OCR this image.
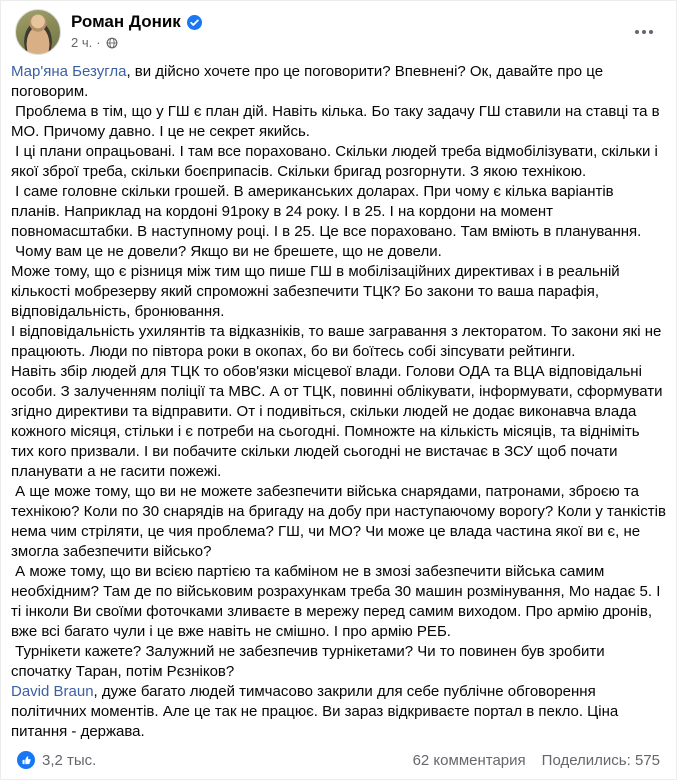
Роман Доник
2 ч. ·
Мар'яна Безугла, ви дійсно хочете про це поговорити? Впевнені? Ок, давайте про це поговорим.
Проблема в тім, що у ГШ є план дій. Навіть кілька. Бо таку задачу ГШ ставили на ставці та в МО. Причому давно. І це не секрет якийсь.
І ці плани опрацьовані. І там все пораховано. Скільки людей треба відмобілізувати, скільки і якої зброї треба, скільки боєприпасів. Скільки бригад розгорнути. З якою технікою.
І саме головне скільки грошей. В американських доларах. При чому є кілька варіантів планів. Наприклад на кордоні 91року в 24 року. І в 25. І на кордони на момент повномасштабки. В наступному році. І в 25. Це все пораховано. Там вміють в планування.
Чому вам це не довели? Якщо ви не брешете, що не довели.
Може тому, що є різниця між тим що пише ГШ в мобілізаційних директивах і в реальній кількості мобрезерву який спроможні забезпечити ТЦК? Бо закони то ваша парафія, відповідальність, бронювання.
І відповідальність ухилянтів та відказніків, то ваше загравання з лекторатом. То закони які не працюють. Люди по півтора роки в окопах, бо ви боїтесь собі зіпсувати рейтинги.
Навіть збір людей для ТЦК то обов'язки місцевої влади. Голови ОДА та ВЦА відповідальні особи. З залученням поліції та МВС. А от ТЦК, повинні облікувати, інформувати, сформувати згідно директиви та відправити. От і подивіться, скільки людей не додає виконавча влада кожного місяця, стільки і є потреби на сьогодні. Помножте на кількість місяців, та відніміть тих кого призвали. І ви побачите скільки людей сьогодні не вистачає в ЗСУ щоб почати планувати а не гасити пожежі.
А ще може тому, що ви не можете забезпечити війська снарядами, патронами, зброєю та технікою? Коли по 30 снарядів на бригаду на добу при наступаючому ворогу? Коли у танкістів нема чим стріляти, це чия проблема? ГШ, чи МО? Чи може це влада частина якої ви є, не змогла забезпечити військо?
А може тому, що ви всією партією та кабміном не в змозі забезпечити війська самим необхідним? Там де по військовим розрахункам треба 30 машин розмінування, Мо надає 5. І ті інколи Ви своїми фоточками зливаєте в мережу перед самим виходом. Про армію дронів, вже всі багато чули і це вже навіть не смішно. І про армію РЕБ.
Турнікети кажете? Залужний не забезпечив турнікетами? Чи то повинен був зробити спочатку Таран, потім Рєзніков?
David Braun, дуже багато людей тимчасово закрили для себе публічне обговорення політичних моментів. Але це так не працює. Ви зараз відкриваєте портал в пекло. Ціна питання - держава.
3,2 тыс.	62 комментария Поделились: 575
